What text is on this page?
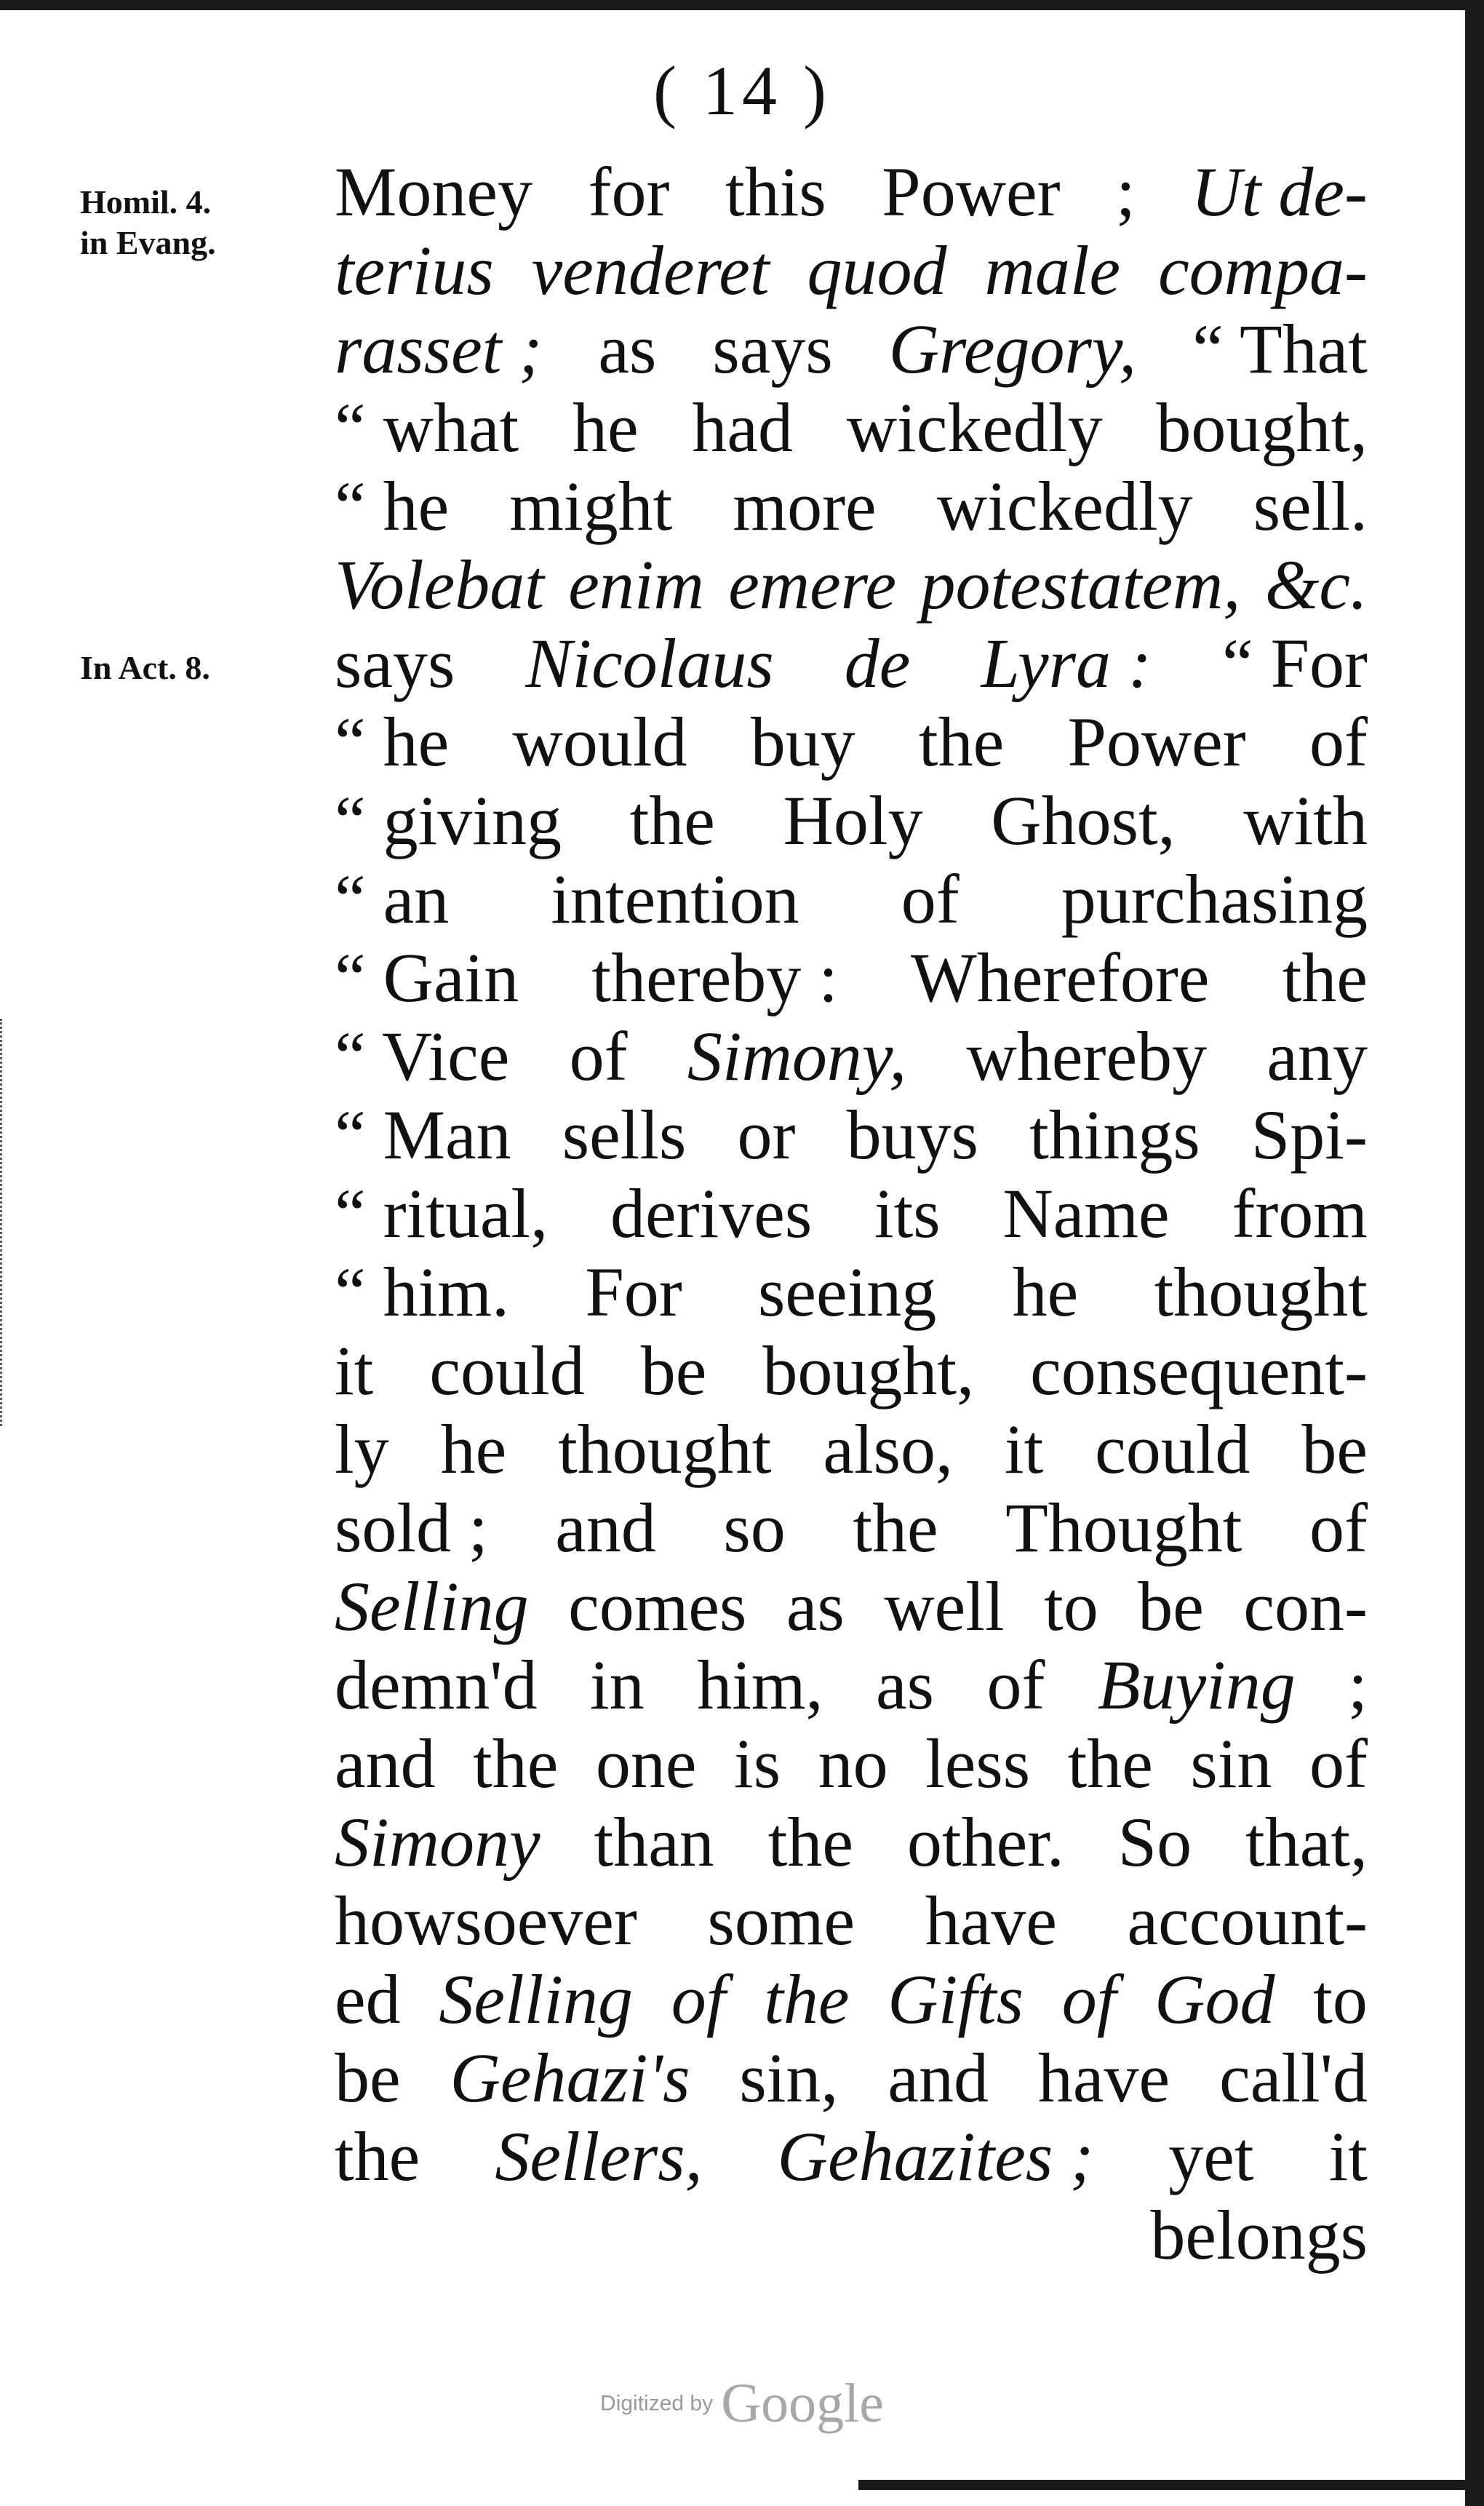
( 14 )
Homil. 4.
in Evang.
In Act. 8.
Money for this Power ; Ut de-
terius venderet quod male compa-
rasset ; as says Gregory, “ That
“ what he had wickedly bought,
“ he might more wickedly sell.
Volebat enim emere potestatem, &c.
says Nicolaus de Lyra : “ For
“ he would buy the Power of
“ giving the Holy Ghost, with
“ an intention of purchasing
“ Gain thereby : Wherefore the
“ Vice of Simony, whereby any
“ Man sells or buys things Spi-
“ ritual, derives its Name from
“ him. For seeing he thought
it could be bought, consequent-
ly he thought also, it could be
sold ; and so the Thought of
Selling comes as well to be con-
demn'd in him, as of Buying ;
and the one is no less the sin of
Simony than the other. So that,
howsoever some have account-
ed Selling of the Gifts of God to
be Gehazi's sin, and have call'd
the Sellers, Gehazites ; yet it
belongs
Digitized by Google
